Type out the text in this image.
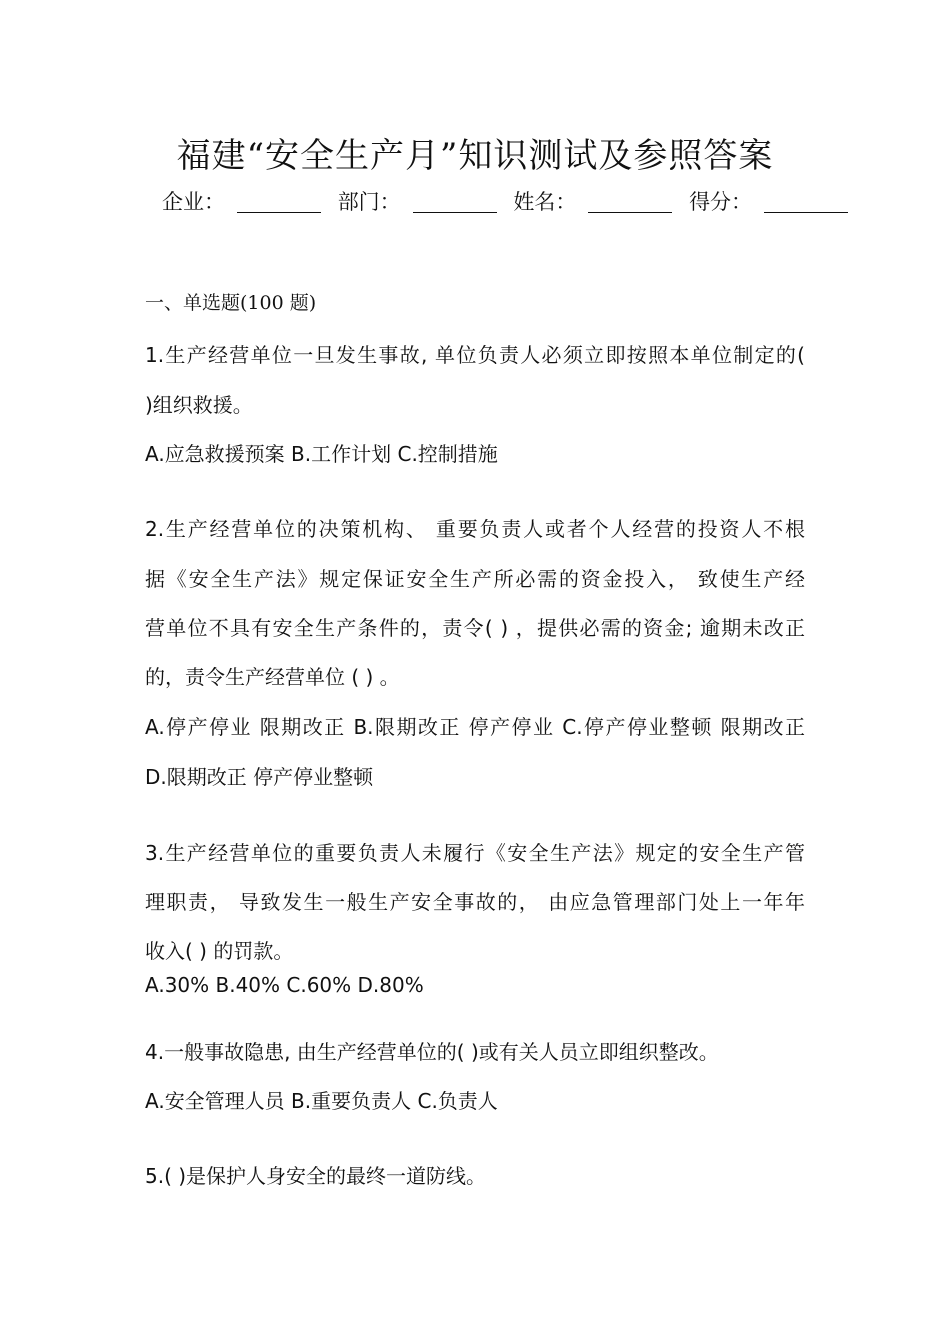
福建“安全生产月”知识测试及参照答案
企业：	部门：	姓名：	得分：
一、单选题(100 题)
1.生产经营单位一旦发生事故, 单位负责人必须立即按照本单位制定的(
)组织救援。
A.应急救援预案 B.工作计划 C.控制措施
2.生产经营单位的决策机构、 重要负责人或者个人经营的投资人不根
据《安全生产法》规定保证安全生产所必需的资金投入， 致使生产经
营单位不具有安全生产条件的，责令( ) ，提供必需的资金; 逾期未改正
的，责令生产经营单位 ( ) 。
A.停产停业 限期改正 B.限期改正 停产停业 C.停产停业整顿 限期改正
D.限期改正 停产停业整顿
3.生产经营单位的重要负责人未履行《安全生产法》规定的安全生产管
理职责， 导致发生一般生产安全事故的， 由应急管理部门处上一年年
收入( ) 的罚款。
A.30% B.40% C.60% D.80%
4.一般事故隐患, 由生产经营单位的( )或有关人员立即组织整改。
A.安全管理人员 B.重要负责人 C.负责人
5.( )是保护人身安全的最终一道防线。
